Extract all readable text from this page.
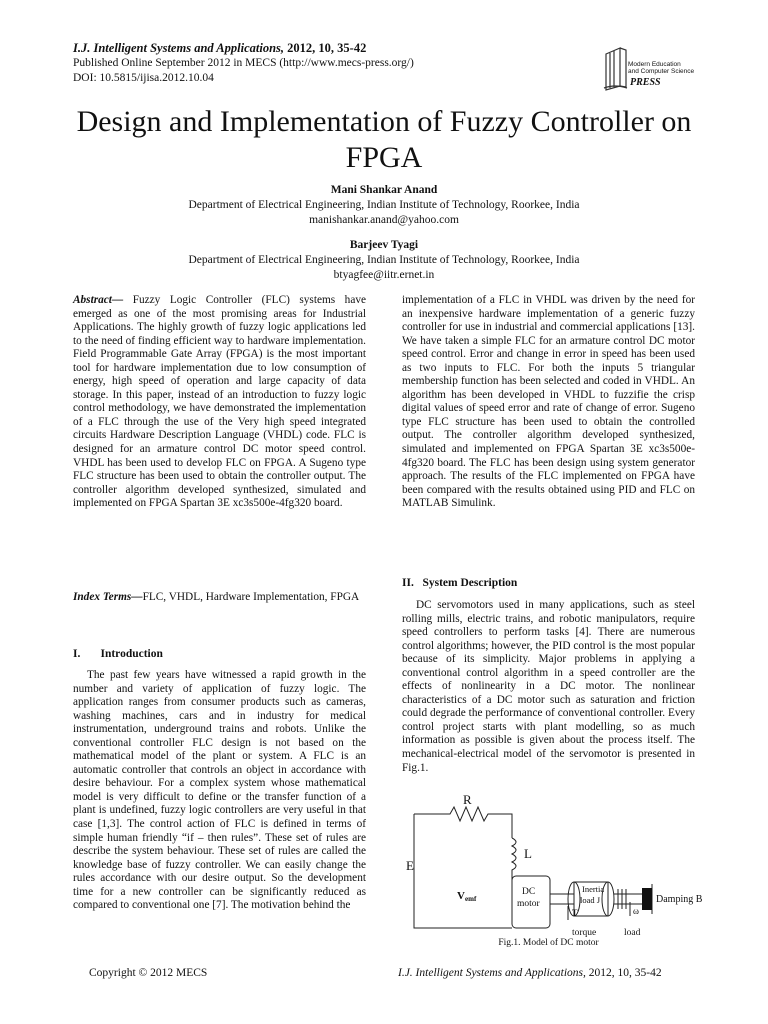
I.J. Intelligent Systems and Applications, 2012, 10, 35-42
Published Online September 2012 in MECS (http://www.mecs-press.org/)
DOI: 10.5815/ijisa.2012.10.04
Modern Education
and Computer Science
PRESS
Design and Implementation of Fuzzy Controller on FPGA
Mani Shankar Anand
Department of Electrical Engineering, Indian Institute of Technology, Roorkee, India
manishankar.anand@yahoo.com
Barjeev Tyagi
Department of Electrical Engineering, Indian Institute of Technology, Roorkee, India
btyagfee@iitr.ernet.in

Abstract— Fuzzy Logic Controller (FLC) systems have emerged as one of the most promising areas for Industrial Applications. The highly growth of fuzzy logic applications led to the need of finding efficient way to hardware implementation. Field Programmable Gate Array (FPGA) is the most important tool for hardware implementation due to low consumption of energy, high speed of operation and large capacity of data storage. In this paper, instead of an introduction to fuzzy logic control methodology, we have demonstrated the implementation of a FLC through the use of the Very high speed integrated circuits Hardware Description Language (VHDL) code. FLC is designed for an armature control DC motor speed control. VHDL has been used to develop FLC on FPGA. A Sugeno type FLC structure has been used to obtain the controller output. The controller algorithm developed synthesized, simulated and implemented on FPGA Spartan 3E xc3s500e-4fg320 board.

Index Terms—FLC, VHDL, Hardware Implementation, FPGA

I.       Introduction

The past few years have witnessed a rapid growth in the number and variety of application of fuzzy logic. The application ranges from consumer products such as cameras, washing machines, cars and in industry for medical instrumentation, underground trains and robots. Unlike the conventional controller FLC design is not based on the mathematical model of the plant or system. A FLC is an automatic controller that controls an object in accordance with desire behaviour. For a complex system whose mathematical model is very difficult to define or the transfer function of a plant is undefined, fuzzy logic controllers are very useful in that case [1,3]. The control action of FLC is defined in terms of simple human friendly “if – then rules”. These set of rules are describe the system behaviour. These set of rules are called the knowledge base of fuzzy controller. We can easily change the rules accordance with our desire output. So the development time for a new controller can be significantly reduced as compared to conventional one [7]. The motivation behind the

implementation of a FLC in VHDL was driven by the need for an inexpensive hardware implementation of a generic fuzzy controller for use in industrial and commercial applications [13]. We have taken a simple FLC for an armature control DC motor speed control. Error and change in error in speed has been used as two inputs to FLC. For both the inputs 5 triangular membership function has been selected and coded in VHDL. An algorithm has been developed in VHDL to fuzzifie the crisp digital values of speed error and rate of change of error. Sugeno type FLC structure has been used to obtain the controlled output. The controller algorithm developed synthesized, simulated and implemented on FPGA Spartan 3E xc3s500e-4fg320 board. The FLC has been design using system generator approach. The results of the FLC implemented on FPGA have been compared with the results obtained using PID and FLC on MATLAB Simulink.

II.   System Description

DC servomotors used in many applications, such as steel rolling mills, electric trains, and robotic manipulators, require speed controllers to perform tasks [4]. There are numerous control algorithms; however, the PID control is the most popular because of its simplicity. Major problems in applying a conventional control algorithm in a speed controller are the effects of nonlinearity in a DC motor. The nonlinear characteristics of a DC motor such as saturation and friction could degrade the performance of conventional controller. Every control project starts with plant modelling, so as much information as possible is given about the process itself. The mechanical-electrical model of the servomotor is presented in Fig.1.

R
L
E
V emf
DC
motor
Inertia
load J	Damping B
T	ω
torque	load
Fig.1. Model of DC motor
Copyright © 2012 MECS	I.J. Intelligent Systems and Applications, 2012, 10, 35-42
